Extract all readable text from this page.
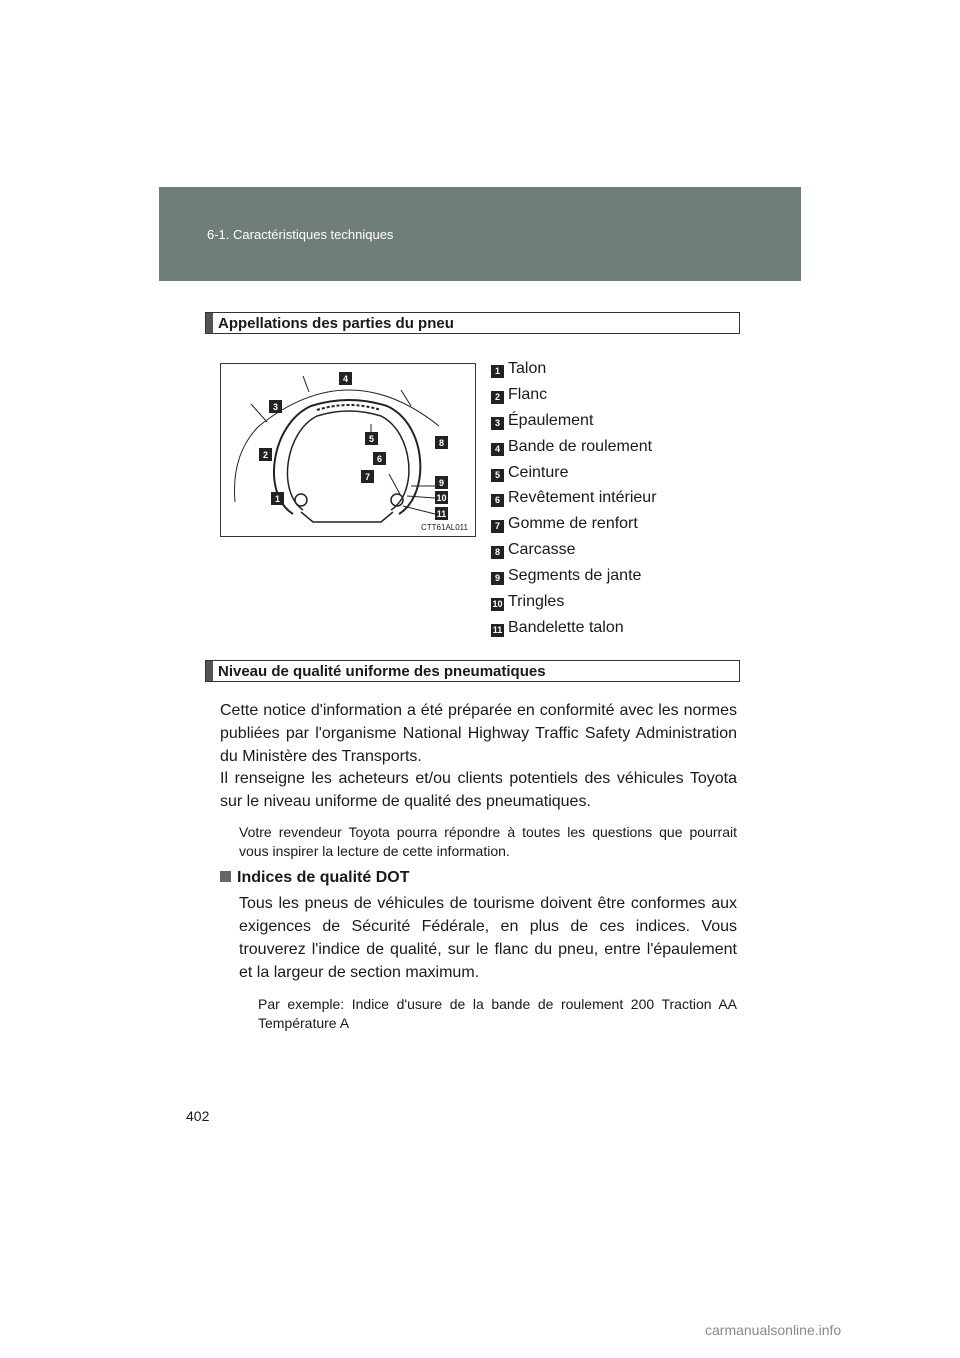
6-1. Caractéristiques techniques
Appellations des parties du pneu
1
2
3
4
5
6
7
8
9
10
11
CTT61AL011
1 Talon
2 Flanc
3 Épaulement
4 Bande de roulement
5 Ceinture
6 Revêtement intérieur
7 Gomme de renfort
8 Carcasse
9 Segments de jante
10 Tringles
11 Bandelette talon
Niveau de qualité uniforme des pneumatiques
Cette notice d'information a été préparée en conformité avec les normes publiées par l'organisme National Highway Traffic Safety Administration du Ministère des Transports.
Il renseigne les acheteurs et/ou clients potentiels des véhicules Toyota sur le niveau uniforme de qualité des pneumatiques.
Votre revendeur Toyota pourra répondre à toutes les questions que pourrait vous inspirer la lecture de cette information.
Indices de qualité DOT
Tous les pneus de véhicules de tourisme doivent être conformes aux exigences de Sécurité Fédérale, en plus de ces indices. Vous trouverez l'indice de qualité, sur le flanc du pneu, entre l'épaulement et la largeur de section maximum.
Par exemple: Indice d'usure de la bande de roulement 200 Traction AA Température A
402
carmanualsonline.info
